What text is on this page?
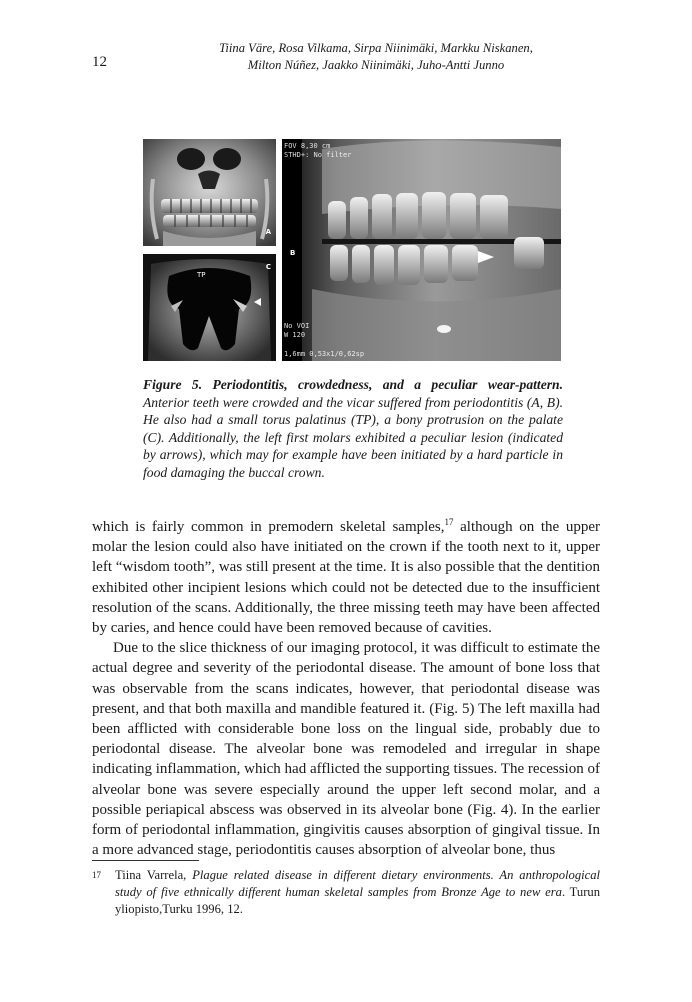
12
Tiina Väre, Rosa Vilkama, Sirpa Niinimäki, Markku Niskanen,
Milton Núñez, Jaakko Niinimäki, Juho-Antti Junno
A
TP
C
FOV 8,30 cm
STHD+: No filter
B
No VOI
W 120
1,6mm 0,53x1/0,62sp
Figure 5. Periodontitis, crowdedness, and a peculiar wear-pattern. Anterior teeth were crowded and the vicar suffered from periodontitis (A, B). He also had a small torus palatinus (TP), a bony protrusion on the palate (C). Additionally, the left first molars exhibited a peculiar lesion (indicated by arrows), which may for example have been initiated by a hard particle in food damaging the buccal crown.

which is fairly common in premodern skeletal samples,$^{17}$ although on the upper molar the lesion could also have initiated on the crown if the tooth next to it, upper left “wisdom tooth”, was still present at the time. It is also possible that the dentition exhibited other incipient lesions which could not be detected due to the insufficient resolution of the scans. Additionally, the three missing teeth may have been affected by caries, and hence could have been removed because of cavities.

Due to the slice thickness of our imaging protocol, it was difficult to estimate the actual degree and severity of the periodontal disease. The amount of bone loss that was observable from the scans indicates, however, that periodontal disease was present, and that both maxilla and mandible featured it. (Fig. 5) The left maxilla had been afflicted with considerable bone loss on the lingual side, probably due to periodontal disease. The alveolar bone was remodeled and irregular in shape indicating inflammation, which had afflicted the supporting tissues. The recession of alveolar bone was severe especially around the upper left second molar, and a possible periapical abscess was observed in its alveolar bone (Fig. 4). In the earlier form of periodontal inflammation, gingivitis causes absorption of gingival tissue. In a more advanced stage, periodontitis causes absorption of alveolar bone, thus

17 Tiina Varrela, Plague related disease in different dietary environments. An anthropological study of five ethnically different human skeletal samples from Bronze Age to new era. Turun yliopisto,Turku 1996, 12.
